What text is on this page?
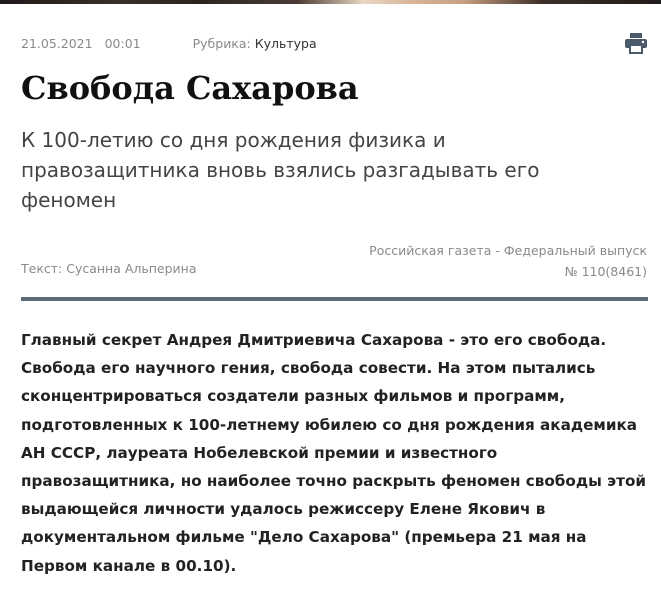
21.05.2021 00:01	Рубрика: Культура
Свобода Сахарова
К 100-летию со дня рождения физика и правозащитника вновь взялись разгадывать его феномен
Текст: Сусанна Альперина
Российская газета - Федеральный выпуск
№ 110(8461)

Главный секрет Андрея Дмитриевича Сахарова - это его свобода. Свобода его научного гения, свобода совести. На этом пытались сконцентрироваться создатели разных фильмов и программ, подготовленных к 100-летнему юбилею со дня рождения академика АН СССР, лауреата Нобелевской премии и известного правозащитника, но наиболее точно раскрыть феномен свободы этой выдающейся личности удалось режиссеру Елене Якович в документальном фильме "Дело Сахарова" (премьера 21 мая на Первом канале в 00.10).
